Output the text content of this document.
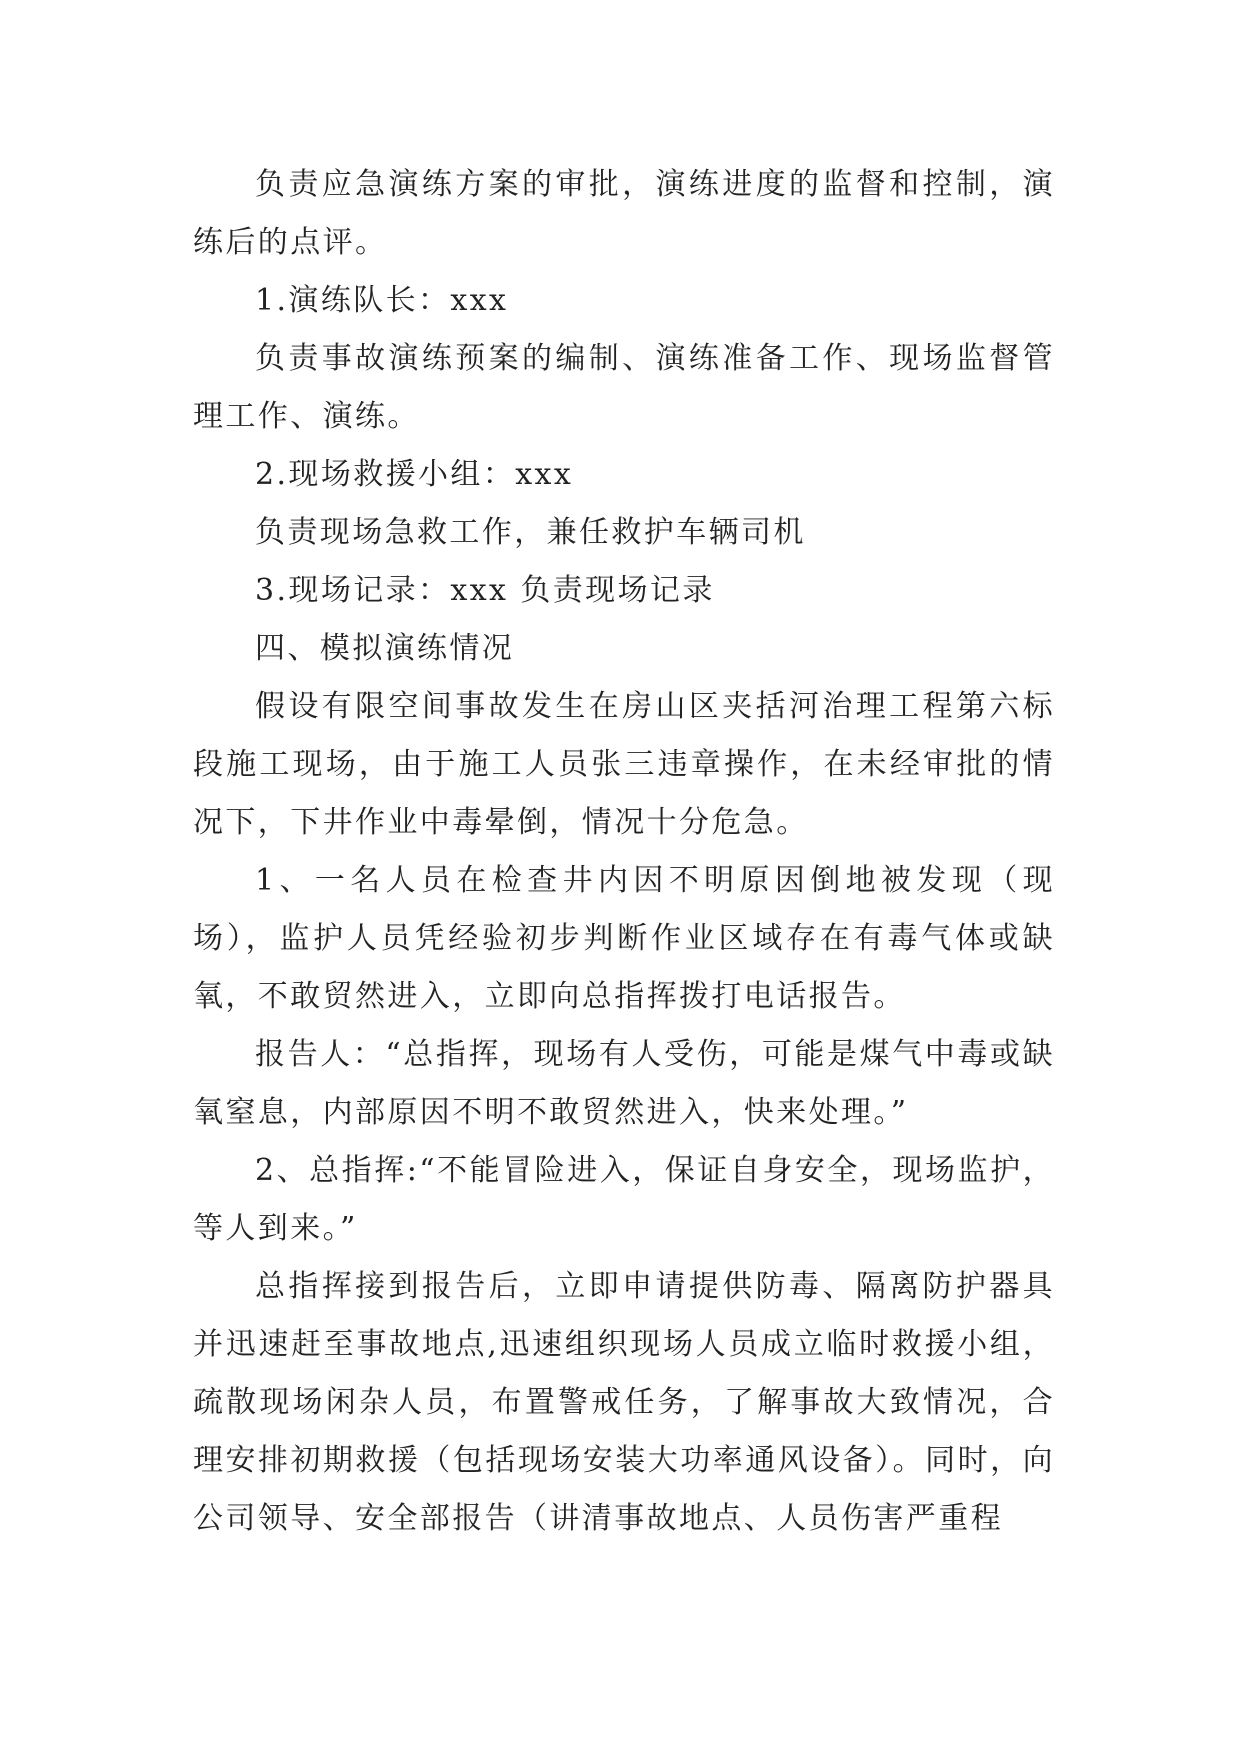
负责应急演练方案的审批，演练进度的监督和控制，演练后的点评。

1.演练队长：xxx

负责事故演练预案的编制、演练准备工作、现场监督管理工作、演练。

2.现场救援小组：xxx

负责现场急救工作，兼任救护车辆司机

3.现场记录：xxx 负责现场记录

四、模拟演练情况

假设有限空间事故发生在房山区夹括河治理工程第六标段施工现场，由于施工人员张三违章操作，在未经审批的情况下，下井作业中毒晕倒，情况十分危急。

1、一名人员在检查井内因不明原因倒地被发现（现场），监护人员凭经验初步判断作业区域存在有毒气体或缺氧，不敢贸然进入，立即向总指挥拨打电话报告。

报告人：“总指挥，现场有人受伤，可能是煤气中毒或缺氧窒息，内部原因不明不敢贸然进入，快来处理。”

2、总指挥:“不能冒险进入，保证自身安全，现场监护，等人到来。”

总指挥接到报告后，立即申请提供防毒、隔离防护器具并迅速赶至事故地点,迅速组织现场人员成立临时救援小组，疏散现场闲杂人员，布置警戒任务，了解事故大致情况，合理安排初期救援（包括现场安装大功率通风设备）。同时，向公司领导、安全部报告（讲清事故地点、人员伤害严重程
